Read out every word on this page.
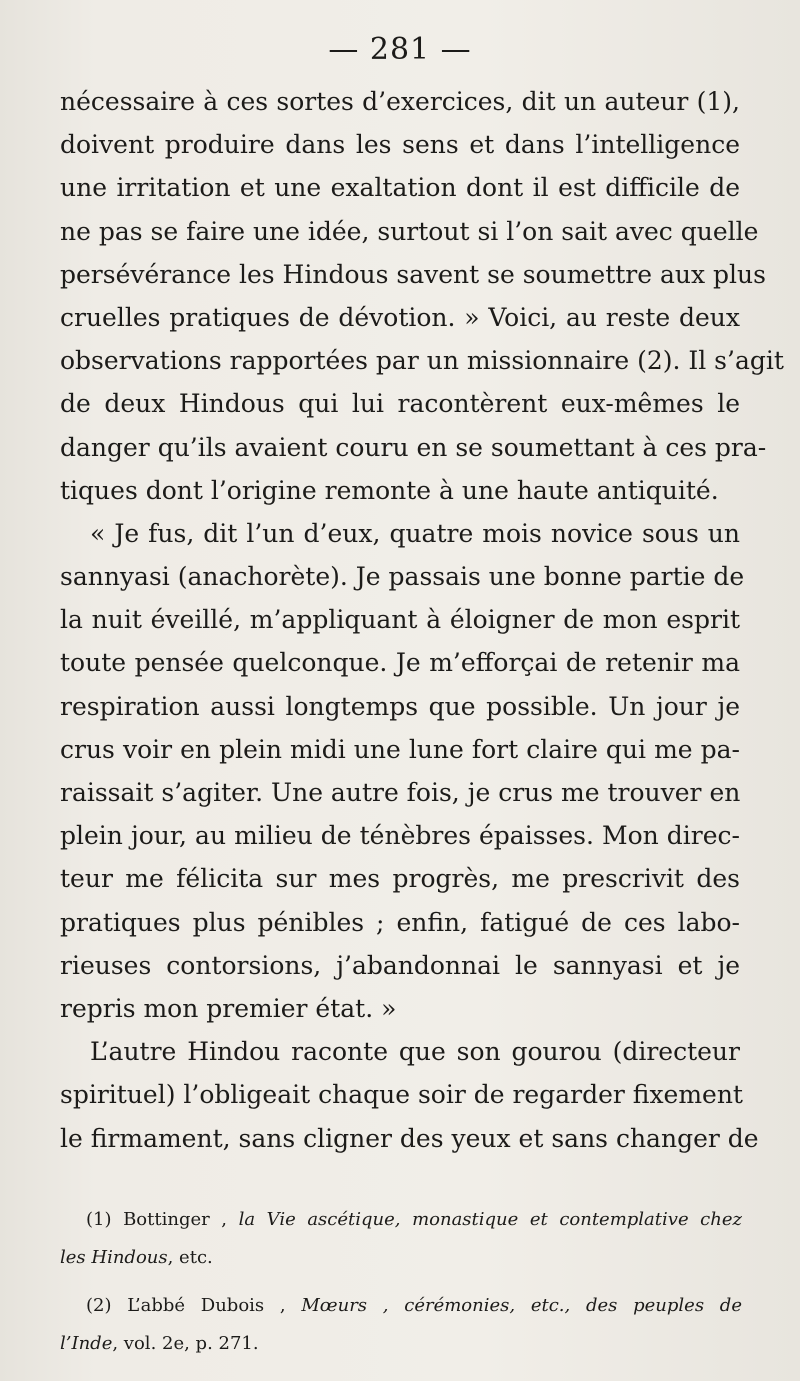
— 281 —
nécessaire à ces sortes d’exercices, dit un auteur (1),
doivent produire dans les sens et dans l’intelligence
une irritation et une exaltation dont il est difficile de
ne pas se faire une idée, surtout si l’on sait avec quelle
persévérance les Hindous savent se soumettre aux plus
cruelles pratiques de dévotion. » Voici, au reste deux
observations rapportées par un missionnaire (2). Il s’agit
de deux Hindous qui lui racontèrent eux-mêmes le
danger qu’ils avaient couru en se soumettant à ces pra-
tiques dont l’origine remonte à une haute antiquité.
« Je fus, dit l’un d’eux, quatre mois novice sous un
sannyasi (anachorète). Je passais une bonne partie de
la nuit éveillé, m’appliquant à éloigner de mon esprit
toute pensée quelconque. Je m’efforçai de retenir ma
respiration aussi longtemps que possible. Un jour je
crus voir en plein midi une lune fort claire qui me pa-
raissait s’agiter. Une autre fois, je crus me trouver en
plein jour, au milieu de ténèbres épaisses. Mon direc-
teur me félicita sur mes progrès, me prescrivit des
pratiques plus pénibles ; enfin, fatigué de ces labo-
rieuses contorsions, j’abandonnai le sannyasi et je
repris mon premier état. »
L’autre Hindou raconte que son gourou (directeur
spirituel) l’obligeait chaque soir de regarder fixement
le firmament, sans cligner des yeux et sans changer de
(1) Bottinger , la Vie ascétique, monastique et contemplative chez
les Hindous, etc.
(2) L’abbé Dubois , Mœurs , cérémonies, etc., des peuples de
l’Inde, vol. 2e, p. 271.
